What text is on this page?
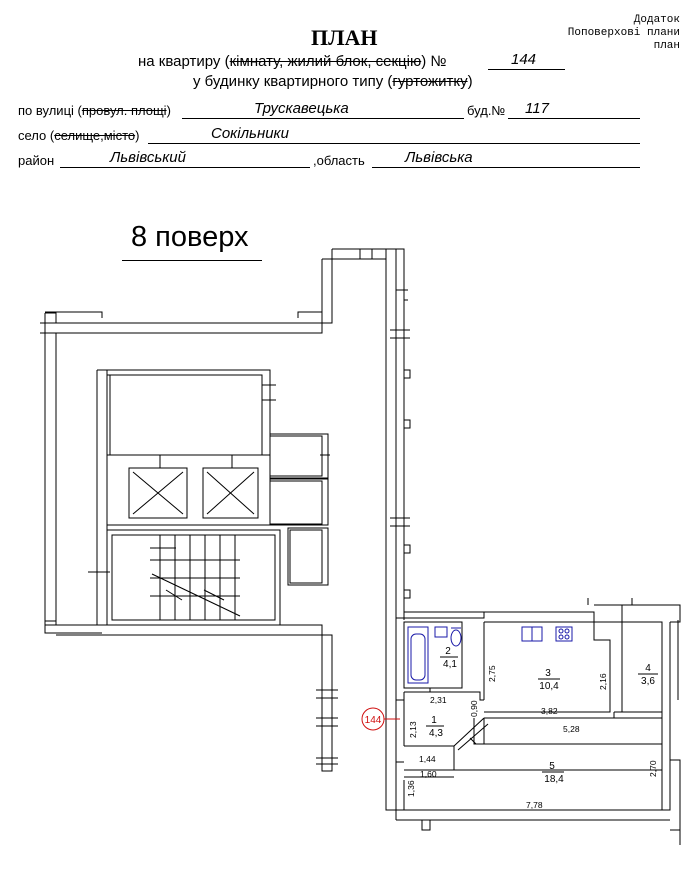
Додаток
Поповерхові плани
план
ПЛАН
на квартиру (кімнату, жилий блок, секцію) №	144
у будинку квартирного типу (гуртожитку)
по вулиці (провул. площі)	Трускавецька	буд.№ 117
село (селище,місто)	Сокільники
район	Львівський	,область	Львівська
8 поверх
144
2
4,1
3
10,4
4
3,6
1
4,3
5
18,4
2,75
2,31
0,90
2,13
1,44
1,60
1,36
3,82
2,16
5,28
2,70
7,78
